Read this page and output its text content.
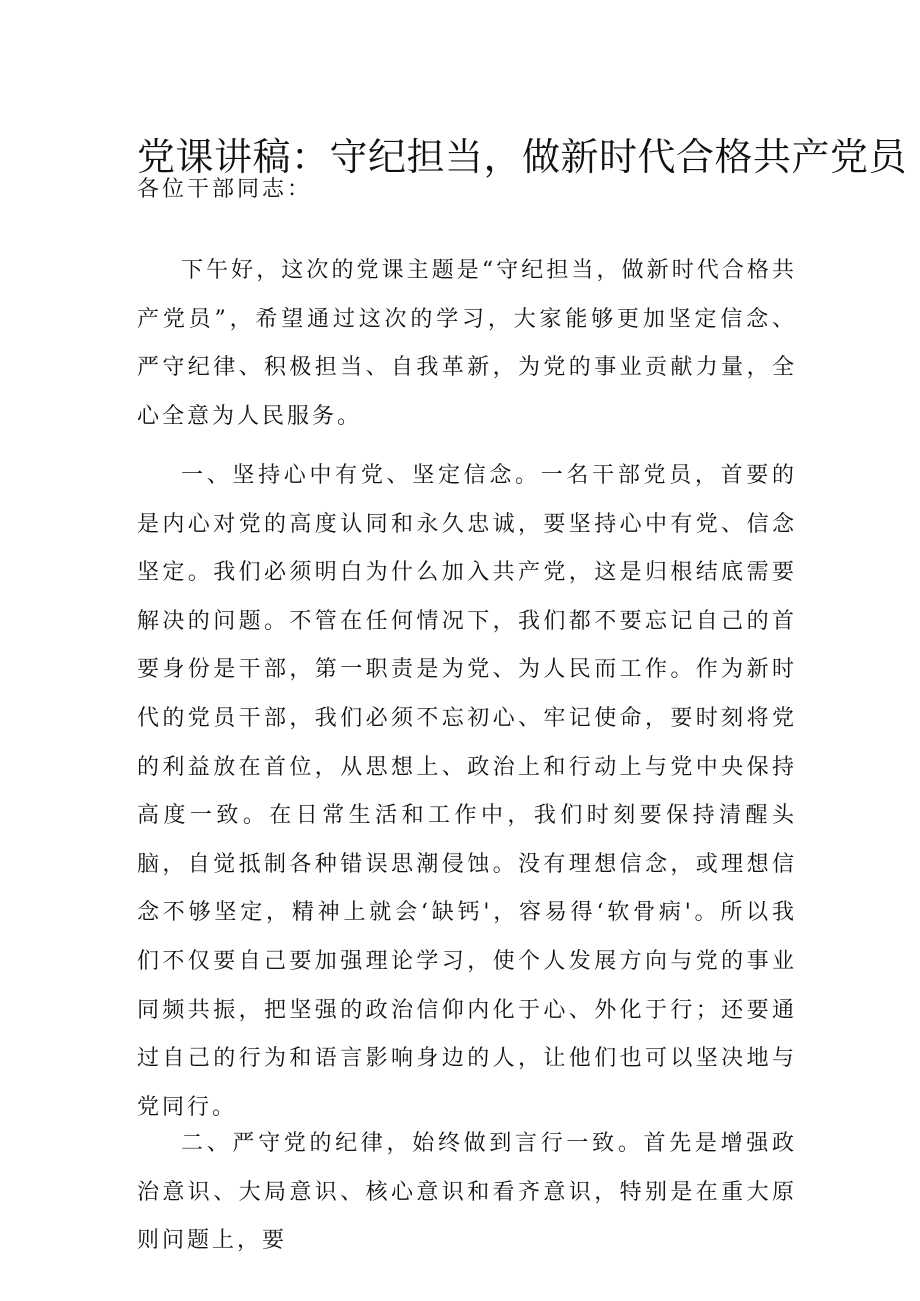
党课讲稿：守纪担当，做新时代合格共产党员

各位干部同志：

下午好，这次的党课主题是“守纪担当，做新时代合格共产党员”，希望通过这次的学习，大家能够更加坚定信念、严守纪律、积极担当、自我革新，为党的事业贡献力量，全心全意为人民服务。

一、坚持心中有党、坚定信念。一名干部党员，首要的是内心对党的高度认同和永久忠诚，要坚持心中有党、信念坚定。我们必须明白为什么加入共产党，这是归根结底需要解决的问题。不管在任何情况下，我们都不要忘记自己的首要身份是干部，第一职责是为党、为人民而工作。作为新时代的党员干部，我们必须不忘初心、牢记使命，要时刻将党的利益放在首位，从思想上、政治上和行动上与党中央保持高度一致。在日常生活和工作中，我们时刻要保持清醒头脑，自觉抵制各种错误思潮侵蚀。没有理想信念，或理想信念不够坚定，精神上就会‘缺钙'，容易得‘软骨病'。所以我们不仅要自己要加强理论学习，使个人发展方向与党的事业同频共振，把坚强的政治信仰内化于心、外化于行；还要通过自己的行为和语言影响身边的人，让他们也可以坚决地与党同行。

二、严守党的纪律，始终做到言行一致。首先是增强政治意识、大局意识、核心意识和看齐意识，特别是在重大原则问题上，要
